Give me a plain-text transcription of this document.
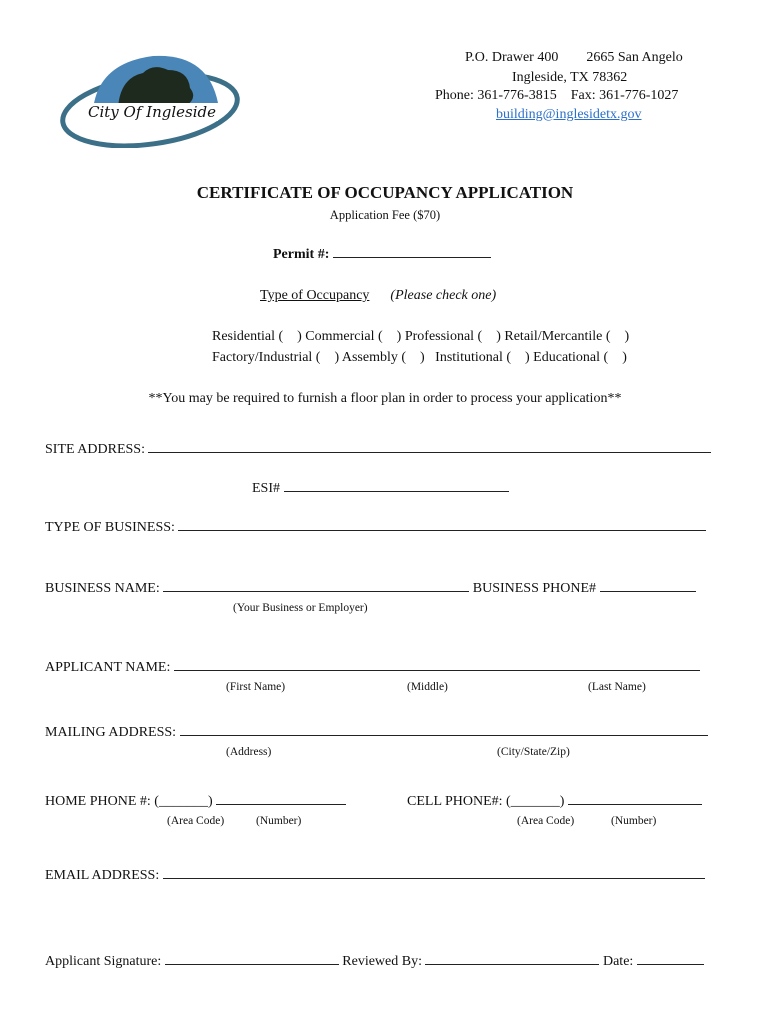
City Of Ingleside
P.O. Drawer 400 2665 San Angelo
Ingleside, TX 78362
Phone: 361-776-3815    Fax: 361-776-1027
building@inglesidetx.gov
CERTIFICATE OF OCCUPANCY APPLICATION
Application Fee ($70)
Permit #:
Type of Occupancy (Please check one)
Residential (    ) Commercial (    ) Professional (    ) Retail/Mercantile (    )
Factory/Industrial (    ) Assembly (    )   Institutional (    ) Educational (    )
**You may be required to furnish a floor plan in order to process your application**
SITE ADDRESS:
ESI#
TYPE OF BUSINESS:
BUSINESS NAME:	BUSINESS PHONE#
(Your Business or Employer)
APPLICANT NAME:
(First Name)	(Middle)	(Last Name)
MAILING ADDRESS:
(Address)	(City/State/Zip)
HOME PHONE #: (_______)	CELL PHONE#: (_______)
(Area Code)	(Number)	(Area Code)	(Number)
EMAIL ADDRESS:
Applicant Signature:	Reviewed By:	Date:
